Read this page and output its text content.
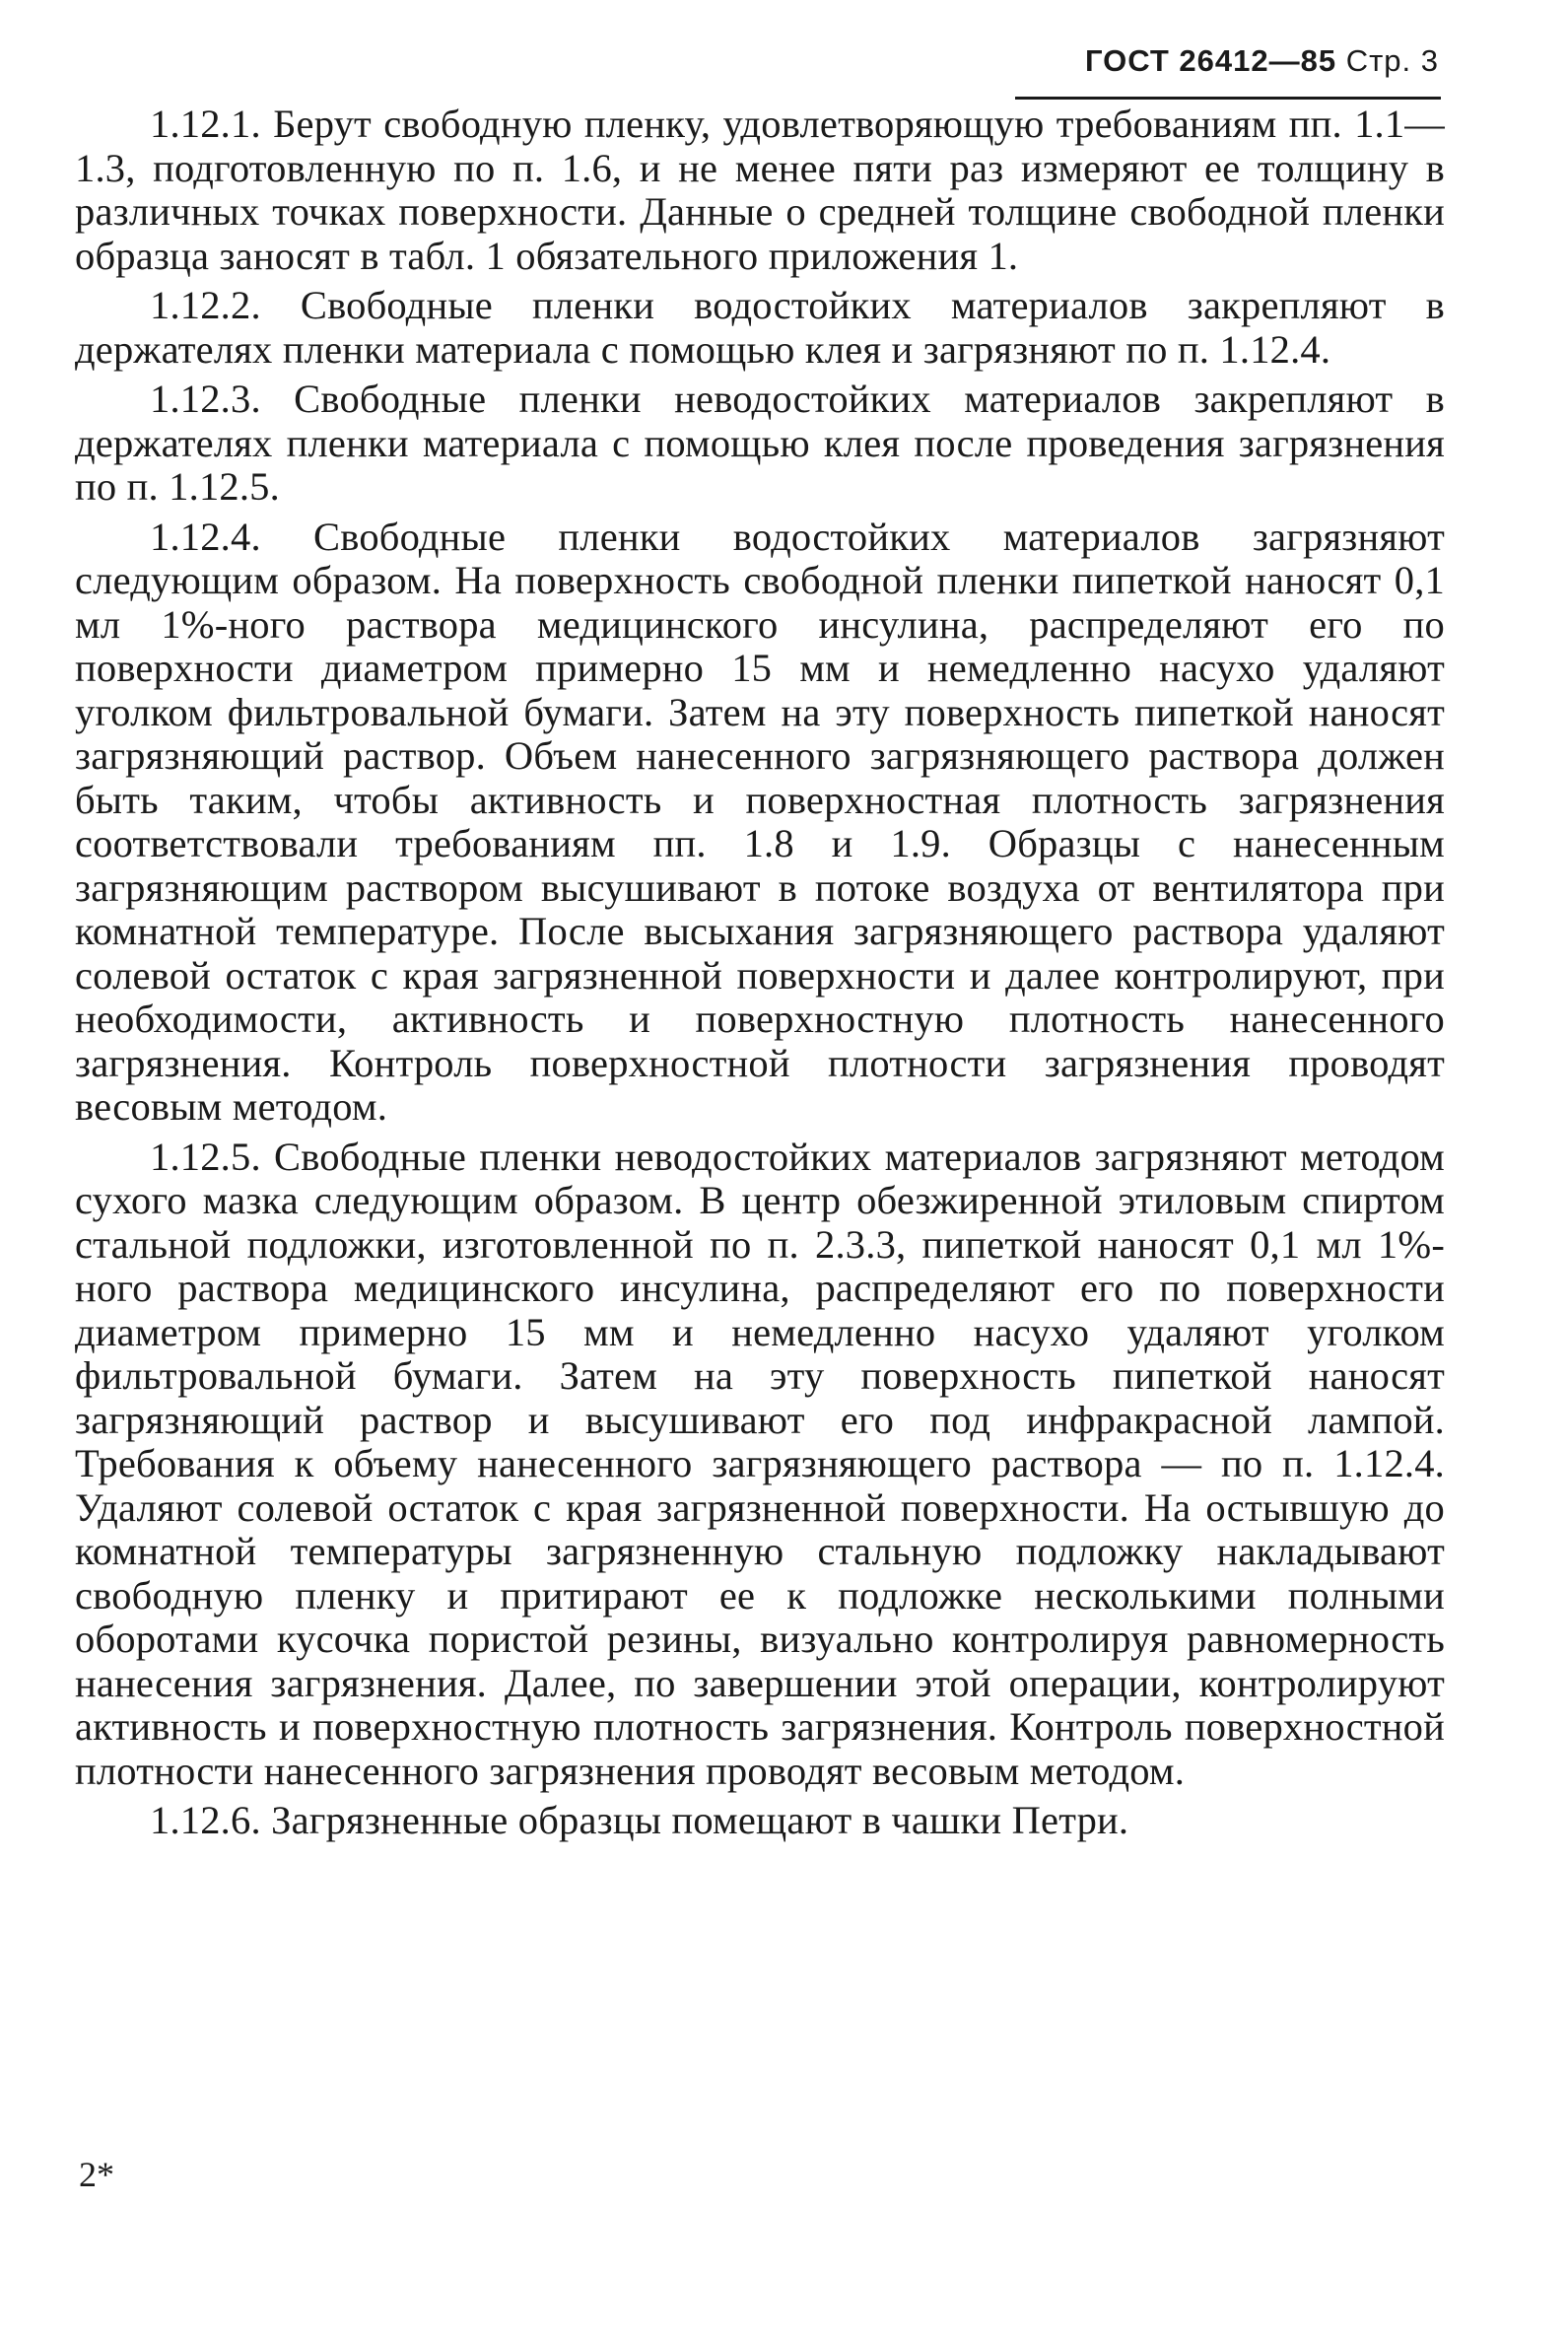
ГОСТ 26412—85 Стр. 3

1.12.1. Берут свободную пленку, удовлетворяющую требованиям пп. 1.1—1.3, подготовленную по п. 1.6, и не менее пяти раз измеряют ее толщину в различных точках поверхности. Данные о средней толщине свободной пленки образца заносят в табл. 1 обязательного приложения 1.

1.12.2. Свободные пленки водостойких материалов закрепляют в держателях пленки материала с помощью клея и загрязняют по п. 1.12.4.

1.12.3. Свободные пленки неводостойких материалов закрепляют в держателях пленки материала с помощью клея после проведения загрязнения по п. 1.12.5.

1.12.4. Свободные пленки водостойких материалов загрязняют следующим образом. На поверхность свободной пленки пипеткой наносят 0,1 мл 1%-ного раствора медицинского инсулина, распределяют его по поверхности диаметром примерно 15 мм и немедленно насухо удаляют уголком фильтровальной бумаги. Затем на эту поверхность пипеткой наносят загрязняющий раствор. Объем нанесенного загрязняющего раствора должен быть таким, чтобы активность и поверхностная плотность загрязнения соответствовали требованиям пп. 1.8 и 1.9. Образцы с нанесенным загрязняющим раствором высушивают в потоке воздуха от вентилятора при комнатной температуре. После высыхания загрязняющего раствора удаляют солевой остаток с края загрязненной поверхности и далее контролируют, при необходимости, активность и поверхностную плотность нанесенного загрязнения. Контроль поверхностной плотности загрязнения проводят весовым методом.

1.12.5. Свободные пленки неводостойких материалов загрязняют методом сухого мазка следующим образом. В центр обезжиренной этиловым спиртом стальной подложки, изготовленной по п. 2.3.3, пипеткой наносят 0,1 мл 1%-ного раствора медицинского инсулина, распределяют его по поверхности диаметром примерно 15 мм и немедленно насухо удаляют уголком фильтровальной бумаги. Затем на эту поверхность пипеткой наносят загрязняющий раствор и высушивают его под инфракрасной лампой. Требования к объему нанесенного загрязняющего раствора — по п. 1.12.4. Удаляют солевой остаток с края загрязненной поверхности. На остывшую до комнатной температуры загрязненную стальную подложку накладывают свободную пленку и притирают ее к подложке несколькими полными оборотами кусочка пористой резины, визуально контролируя равномерность нанесения загрязнения. Далее, по завершении этой операции, контролируют активность и поверхностную плотность загрязнения. Контроль поверхностной плотности нанесенного загрязнения проводят весовым методом.

1.12.6. Загрязненные образцы помещают в чашки Петри.

2*
